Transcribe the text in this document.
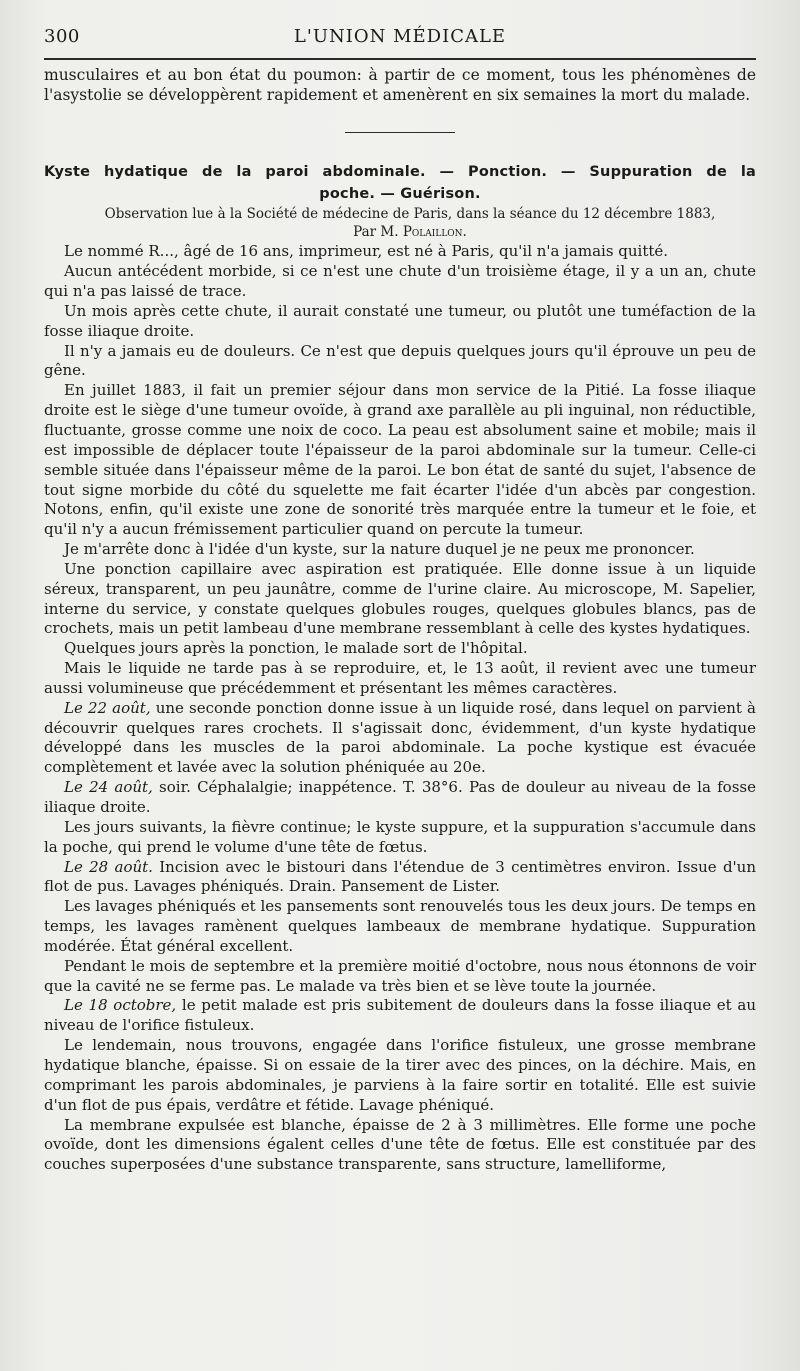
300	L'UNION MÉDICALE

musculaires et au bon état du poumon: à partir de ce moment, tous les phénomènes de l'asystolie se développèrent rapidement et amenèrent en six semaines la mort du malade.

Kyste hydatique de la paroi abdominale. — Ponction. — Suppuration de la
poche. — Guérison.

Observation lue à la Société de médecine de Paris, dans la séance du 12 décembre 1883,

Par M. Polaillon.

Le nommé R..., âgé de 16 ans, imprimeur, est né à Paris, qu'il n'a jamais quitté.

Aucun antécédent morbide, si ce n'est une chute d'un troisième étage, il y a un an, chute qui n'a pas laissé de trace.

Un mois après cette chute, il aurait constaté une tumeur, ou plutôt une tuméfaction de la fosse iliaque droite.

Il n'y a jamais eu de douleurs. Ce n'est que depuis quelques jours qu'il éprouve un peu de gêne.

En juillet 1883, il fait un premier séjour dans mon service de la Pitié. La fosse iliaque droite est le siège d'une tumeur ovoïde, à grand axe parallèle au pli inguinal, non réductible, fluctuante, grosse comme une noix de coco. La peau est absolument saine et mobile; mais il est impossible de déplacer toute l'épaisseur de la paroi abdominale sur la tumeur. Celle-ci semble située dans l'épaisseur même de la paroi. Le bon état de santé du sujet, l'absence de tout signe morbide du côté du squelette me fait écarter l'idée d'un abcès par congestion. Notons, enfin, qu'il existe une zone de sonorité très marquée entre la tumeur et le foie, et qu'il n'y a aucun frémissement particulier quand on percute la tumeur.

Je m'arrête donc à l'idée d'un kyste, sur la nature duquel je ne peux me prononcer.

Une ponction capillaire avec aspiration est pratiquée. Elle donne issue à un liquide séreux, transparent, un peu jaunâtre, comme de l'urine claire. Au microscope, M. Sapelier, interne du service, y constate quelques globules rouges, quelques globules blancs, pas de crochets, mais un petit lambeau d'une membrane ressemblant à celle des kystes hydatiques.

Quelques jours après la ponction, le malade sort de l'hôpital.

Mais le liquide ne tarde pas à se reproduire, et, le 13 août, il revient avec une tumeur aussi volumineuse que précédemment et présentant les mêmes caractères.

Le 22 août, une seconde ponction donne issue à un liquide rosé, dans lequel on parvient à découvrir quelques rares crochets. Il s'agissait donc, évidemment, d'un kyste hydatique développé dans les muscles de la paroi abdominale. La poche kystique est évacuée complètement et lavée avec la solution phéniquée au 20e.

Le 24 août, soir. Céphalalgie; inappétence. T. 38°6. Pas de douleur au niveau de la fosse iliaque droite.

Les jours suivants, la fièvre continue; le kyste suppure, et la suppuration s'accumule dans la poche, qui prend le volume d'une tête de fœtus.

Le 28 août. Incision avec le bistouri dans l'étendue de 3 centimètres environ. Issue d'un flot de pus. Lavages phéniqués. Drain. Pansement de Lister.

Les lavages phéniqués et les pansements sont renouvelés tous les deux jours. De temps en temps, les lavages ramènent quelques lambeaux de membrane hydatique. Suppuration modérée. État général excellent.

Pendant le mois de septembre et la première moitié d'octobre, nous nous étonnons de voir que la cavité ne se ferme pas. Le malade va très bien et se lève toute la journée.

Le 18 octobre, le petit malade est pris subitement de douleurs dans la fosse iliaque et au niveau de l'orifice fistuleux.

Le lendemain, nous trouvons, engagée dans l'orifice fistuleux, une grosse membrane hydatique blanche, épaisse. Si on essaie de la tirer avec des pinces, on la déchire. Mais, en comprimant les parois abdominales, je parviens à la faire sortir en totalité. Elle est suivie d'un flot de pus épais, verdâtre et fétide. Lavage phéniqué.

La membrane expulsée est blanche, épaisse de 2 à 3 millimètres. Elle forme une poche ovoïde, dont les dimensions égalent celles d'une tête de fœtus. Elle est constituée par des couches superposées d'une substance transparente, sans structure, lamelliforme,
